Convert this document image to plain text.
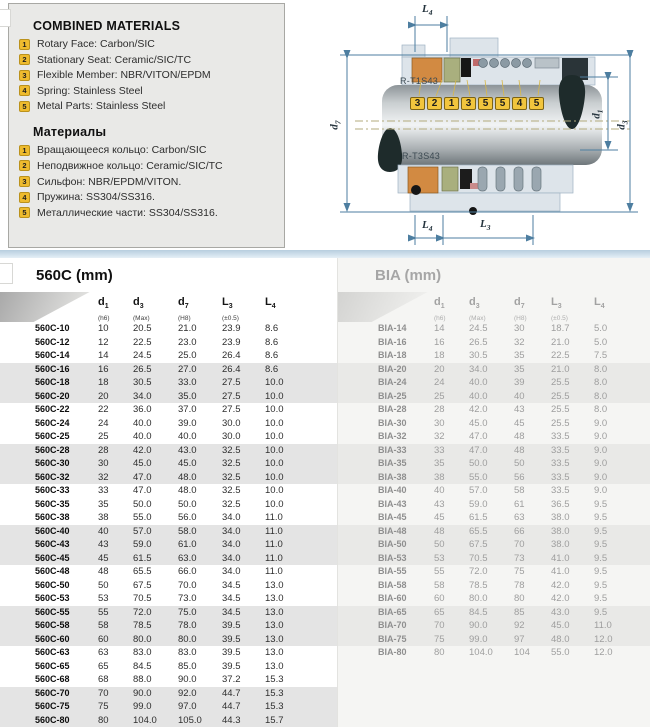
COMBINED MATERIALS
1 Rotary Face: Carbon/SIC
2 Stationary Seat: Ceramic/SIC/TC
3 Flexible Member: NBR/VITON/EPDM
4 Spring: Stainless Steel
5 Metal Parts: Stainless Steel
Материалы
1 Вращающееся кольцо: Carbon/SIC
2 Неподвижное кольцо: Ceramic/SIC/TC
3 Сильфон: NBR/EPDM/VITON.
4 Пружина: SS304/SS316.
5 Металлические части: SS304/SS316.
R-T1S43
R-T3S43
$L_4$
$L_4$	$L_3$
$d_7$
$d_1$
$d_3$
3	2	1	3	5	5	4	5
560C (mm)
$d_1$
(h6)
$d_3$
(Max)
$d_7$
(H8)
$L_3$
(±0.5)
$L_4$
560C-10	10	20.5	21.0	23.9	8.6
560C-12	12	22.5	23.0	23.9	8.6
560C-14	14	24.5	25.0	26.4	8.6
560C-16	16	26.5	27.0	26.4	8.6
560C-18	18	30.5	33.0	27.5	10.0
560C-20	20	34.0	35.0	27.5	10.0
560C-22	22	36.0	37.0	27.5	10.0
560C-24	24	40.0	39.0	30.0	10.0
560C-25	25	40.0	40.0	30.0	10.0
560C-28	28	42.0	43.0	32.5	10.0
560C-30	30	45.0	45.0	32.5	10.0
560C-32	32	47.0	48.0	32.5	10.0
560C-33	33	47.0	48.0	32.5	10.0
560C-35	35	50.0	50.0	32.5	10.0
560C-38	38	55.0	56.0	34.0	11.0
560C-40	40	57.0	58.0	34.0	11.0
560C-43	43	59.0	61.0	34.0	11.0
560C-45	45	61.5	63.0	34.0	11.0
560C-48	48	65.5	66.0	34.0	11.0
560C-50	50	67.5	70.0	34.5	13.0
560C-53	53	70.5	73.0	34.5	13.0
560C-55	55	72.0	75.0	34.5	13.0
560C-58	58	78.5	78.0	39.5	13.0
560C-60	60	80.0	80.0	39.5	13.0
560C-63	63	83.0	83.0	39.5	13.0
560C-65	65	84.5	85.0	39.5	13.0
560C-68	68	88.0	90.0	37.2	15.3
560C-70	70	90.0	92.0	44.7	15.3
560C-75	75	99.0	97.0	44.7	15.3
560C-80	80	104.0	105.0	44.3	15.7
BIA (mm)
$d_1$
(h6)
$d_3$
(Max)
$d_7$
(H8)
$L_3$
(±0.5)
$L_4$
BIA-14	14	24.5	30	18.7	5.0
BIA-16	16	26.5	32	21.0	5.0
BIA-18	18	30.5	35	22.5	7.5
BIA-20	20	34.0	35	21.0	8.0
BIA-24	24	40.0	39	25.5	8.0
BIA-25	25	40.0	40	25.5	8.0
BIA-28	28	42.0	43	25.5	8.0
BIA-30	30	45.0	45	25.5	9.0
BIA-32	32	47.0	48	33.5	9.0
BIA-33	33	47.0	48	33.5	9.0
BIA-35	35	50.0	50	33.5	9.0
BIA-38	38	55.0	56	33.5	9.0
BIA-40	40	57.0	58	33.5	9.0
BIA-43	43	59.0	61	36.5	9.5
BIA-45	45	61.5	63	38.0	9.5
BIA-48	48	65.5	66	38.0	9.5
BIA-50	50	67.5	70	38.0	9.5
BIA-53	53	70.5	73	41.0	9.5
BIA-55	55	72.0	75	41.0	9.5
BIA-58	58	78.5	78	42.0	9.5
BIA-60	60	80.0	80	42.0	9.5
BIA-65	65	84.5	85	43.0	9.5
BIA-70	70	90.0	92	45.0	11.0
BIA-75	75	99.0	97	48.0	12.0
BIA-80	80	104.0	104	55.0	12.0
